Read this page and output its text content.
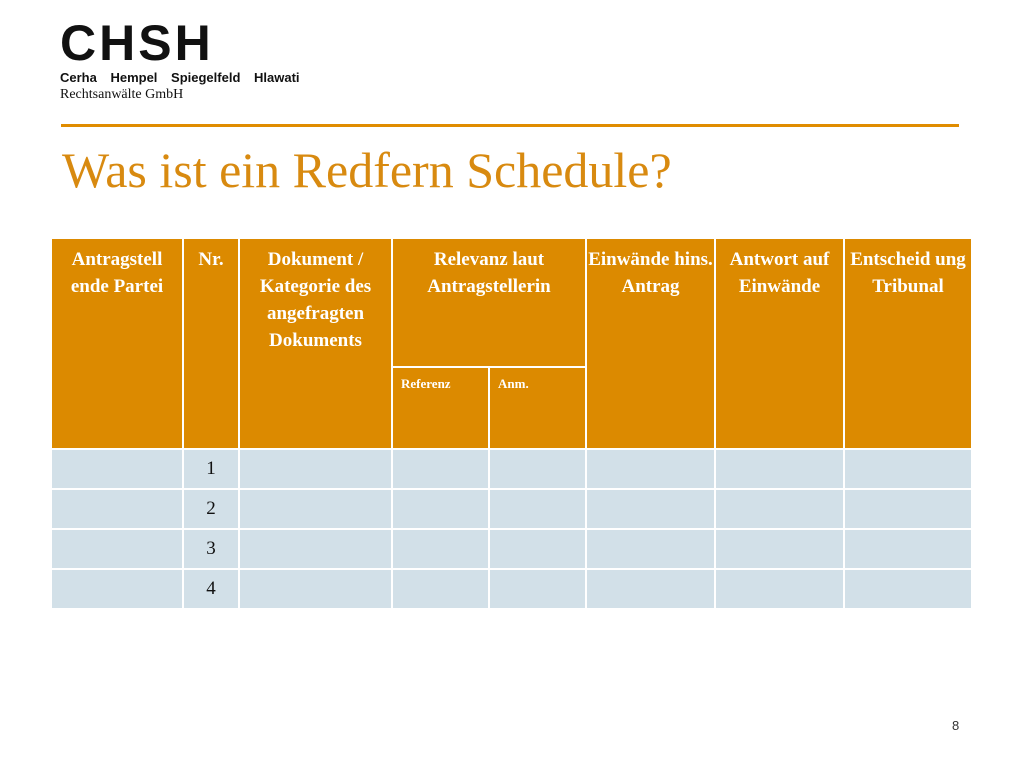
CHSH
Cerha Hempel Spiegelfeld Hlawati
Rechtsanwälte GmbH
Was ist ein Redfern Schedule?
Antragstell ende Partei	Nr.	Dokument / Kategorie des angefragten Dokuments	Relevanz laut Antragstellerin		Einwände hins. Antrag	Antwort auf Einwände	Entscheid ung Tribunal
			Referenz	Anm.			
	1						
	2						
	3						
	4						
8
